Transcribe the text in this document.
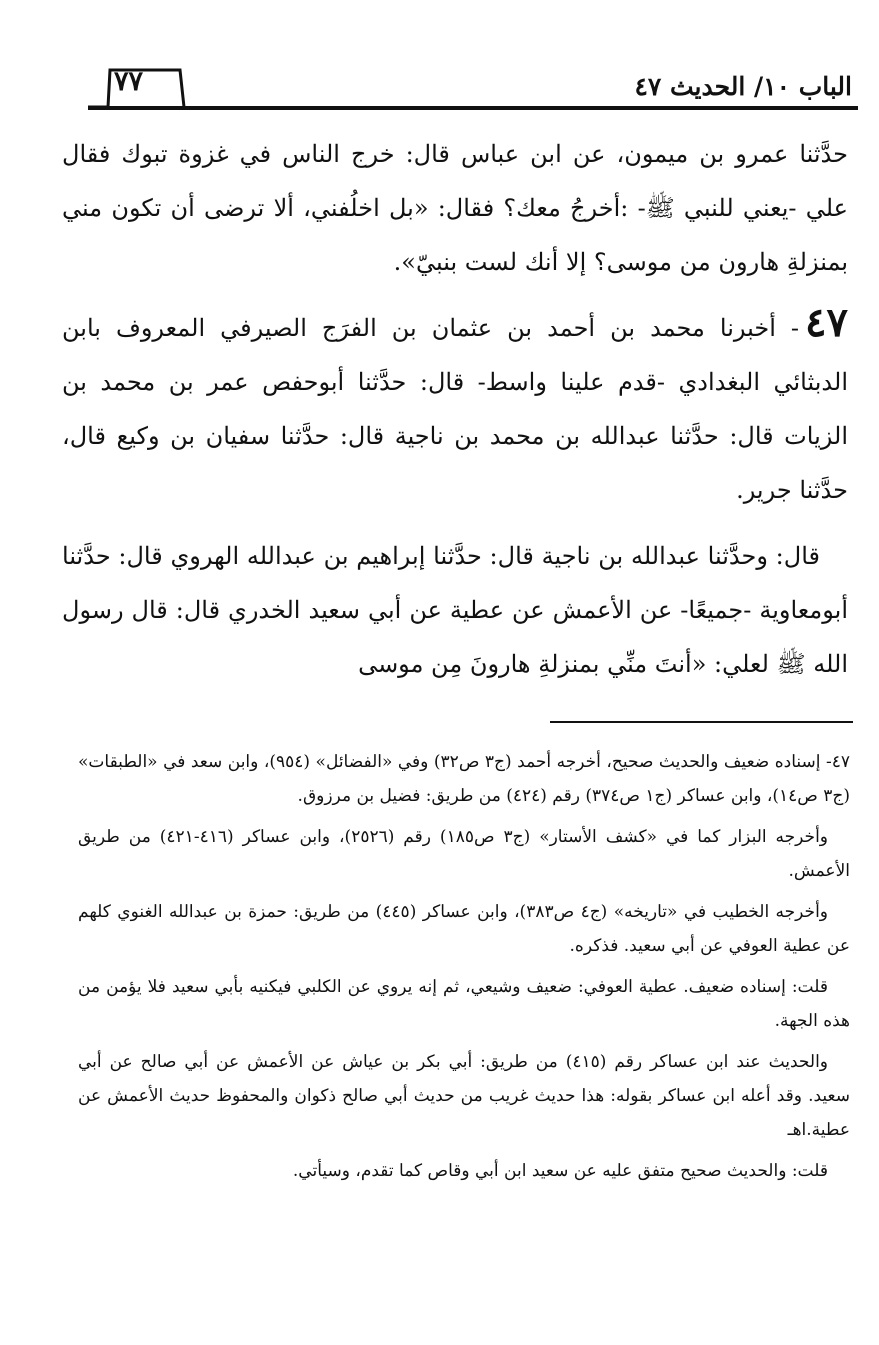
٧٧	الباب ١٠/ الحديث ٤٧

حدَّثنا عمرو بن ميمون، عن ابن عباس قال: خرج الناس في غزوة تبوك فقال علي -يعني للنبي ﷺ- :أخرجُ معك؟ فقال: «بل اخلُفني، ألا ترضى أن تكون مني بمنزلةِ هارون من موسى؟ إلا أنك لست بنبيّ».

٤٧- أخبرنا محمد بن أحمد بن عثمان بن الفرَج الصيرفي المعروف بابن الدبثائي البغدادي -قدم علينا واسط- قال: حدَّثنا أبوحفص عمر بن محمد بن الزيات قال: حدَّثنا عبدالله بن محمد بن ناجية قال: حدَّثنا سفيان بن وكيع قال، حدَّثنا جرير.

قال: وحدَّثنا عبدالله بن ناجية قال: حدَّثنا إبراهيم بن عبدالله الهروي قال: حدَّثنا أبومعاوية -جميعًا- عن الأعمش عن عطية عن أبي سعيد الخدري قال: قال رسول الله ﷺ لعلي: «أنتَ منِّي بمنزلةِ هارونَ مِن موسى

٤٧- إسناده ضعيف والحديث صحيح، أخرجه أحمد (ج٣ ص٣٢) وفي «الفضائل» (٩٥٤)، وابن سعد في «الطبقات» (ج٣ ص١٤)، وابن عساكر (ج١ ص٣٧٤) رقم (٤٢٤) من طريق: فضيل بن مرزوق.

وأخرجه البزار كما في «كشف الأستار» (ج٣ ص١٨٥) رقم (٢٥٢٦)، وابن عساكر (٤١٦-٤٢١) من طريق الأعمش.

وأخرجه الخطيب في «تاريخه» (ج٤ ص٣٨٣)، وابن عساكر (٤٤٥) من طريق: حمزة بن عبدالله الغنوي كلهم عن عطية العوفي عن أبي سعيد. فذكره.

قلت: إسناده ضعيف. عطية العوفي: ضعيف وشيعي، ثم إنه يروي عن الكلبي فيكنيه بأبي سعيد فلا يؤمن من هذه الجهة.

والحديث عند ابن عساكر رقم (٤١٥) من طريق: أبي بكر بن عياش عن الأعمش عن أبي صالح عن أبي سعيد. وقد أعله ابن عساكر بقوله: هذا حديث غريب من حديث أبي صالح ذكوان والمحفوظ حديث الأعمش عن عطية.اهـ

قلت: والحديث صحيح متفق عليه عن سعيد ابن أبي وقاص كما تقدم، وسيأتي.
